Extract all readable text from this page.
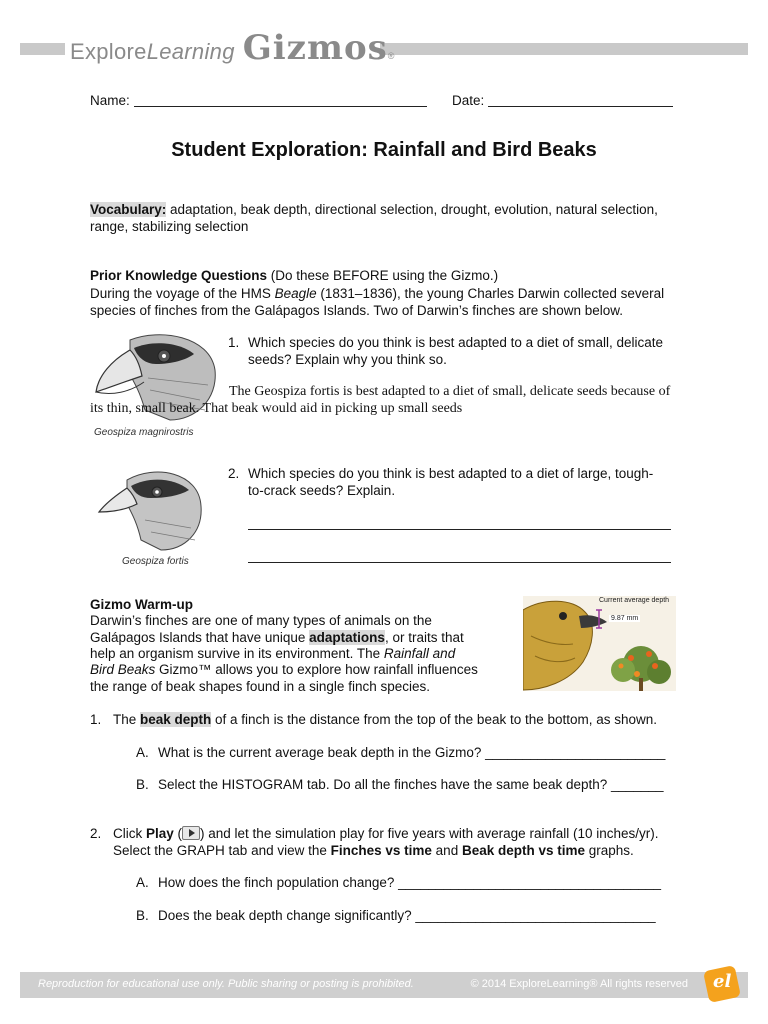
ExploreLearning Gizmos ®
Name:	Date:
Student Exploration: Rainfall and Bird Beaks
Vocabulary: adaptation, beak depth, directional selection, drought, evolution, natural selection,
range, stabilizing selection
Prior Knowledge Questions (Do these BEFORE using the Gizmo.)
During the voyage of the HMS Beagle (1831–1836), the young Charles Darwin collected several
species of finches from the Galápagos Islands. Two of Darwin’s finches are shown below.
Geospiza magnirostris
1. Which species do you think is best adapted to a diet of small, delicate
seeds? Explain why you think so.
The Geospiza fortis is best adapted to a diet of small, delicate seeds because of
its thin, small beak. That beak would aid in picking up small seeds
Geospiza fortis
2. Which species do you think is best adapted to a diet of large, tough-
to-crack seeds? Explain.
Gizmo Warm-up
Darwin’s finches are one of many types of animals on the
Galápagos Islands that have unique adaptations, or traits that
help an organism survive in its environment. The Rainfall and
Bird Beaks Gizmo™ allows you to explore how rainfall influences
the range of beak shapes found in a single finch species.
Current average depth
9.87 mm
1. The beak depth of a finch is the distance from the top of the beak to the bottom, as shown.
A. What is the current average beak depth in the Gizmo? ________________________
B. Select the HISTOGRAM tab. Do all the finches have the same beak depth? _______
2. Click Play ( ) and let the simulation play for five years with average rainfall (10 inches/yr).
Select the GRAPH tab and view the Finches vs time and Beak depth vs time graphs.
A. How does the finch population change? ___________________________________
B. Does the beak depth change significantly? ________________________________
Reproduction for educational use only. Public sharing or posting is prohibited.	© 2014 ExploreLearning® All rights reserved el
